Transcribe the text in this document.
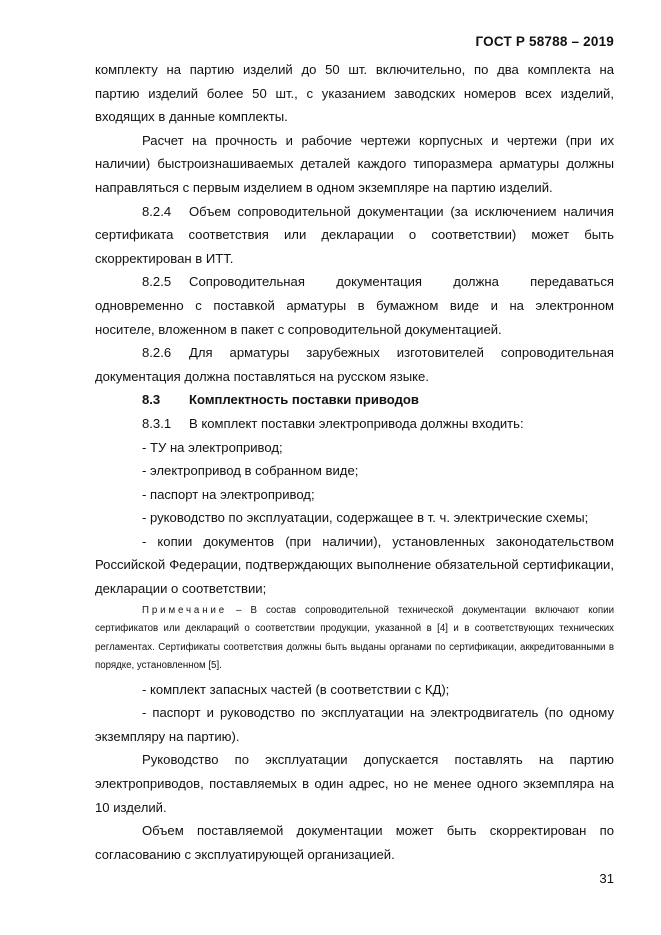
ГОСТ Р 58788 – 2019
комплекту на партию изделий до 50 шт. включительно, по два комплекта на
партию изделий более 50 шт., с указанием заводских номеров всех изделий,
входящих в данные комплекты.
Расчет на прочность и рабочие чертежи корпусных и чертежи (при их
наличии) быстроизнашиваемых деталей каждого типоразмера арматуры должны
направляться с первым изделием в одном экземпляре на партию изделий.
8.2.4 Объем сопроводительной документации (за исключением наличия
сертификата соответствия или декларации о соответствии) может быть
скорректирован в ИТТ.
8.2.5 Сопроводительная документация должна передаваться
одновременно с поставкой арматуры в бумажном виде и на электронном
носителе, вложенном в пакет с сопроводительной документацией.
8.2.6 Для арматуры зарубежных изготовителей сопроводительная
документация должна поставляться на русском языке.
8.3 Комплектность поставки приводов
8.3.1 В комплект поставки электропривода должны входить:
- ТУ на электропривод;
- электропривод в собранном виде;
- паспорт на электропривод;
- руководство по эксплуатации, содержащее в т. ч. электрические схемы;
- копии документов (при наличии), установленных законодательством
Российской Федерации, подтверждающих выполнение обязательной сертификации,
декларации о соответствии;
Примечание – В состав сопроводительной технической документации включают копии
сертификатов или деклараций о соответствии продукции, указанной в [4] и в соответствующих технических
регламентах. Сертификаты соответствия должны быть выданы органами по сертификации, аккредитованными в
порядке, установленном [5].
- комплект запасных частей (в соответствии с КД);
- паспорт и руководство по эксплуатации на электродвигатель (по одному
экземпляру на партию).
Руководство по эксплуатации допускается поставлять на партию
электроприводов, поставляемых в один адрес, но не менее одного экземпляра на
10 изделий.
Объем поставляемой документации может быть скорректирован по
согласованию с эксплуатирующей организацией.
31
